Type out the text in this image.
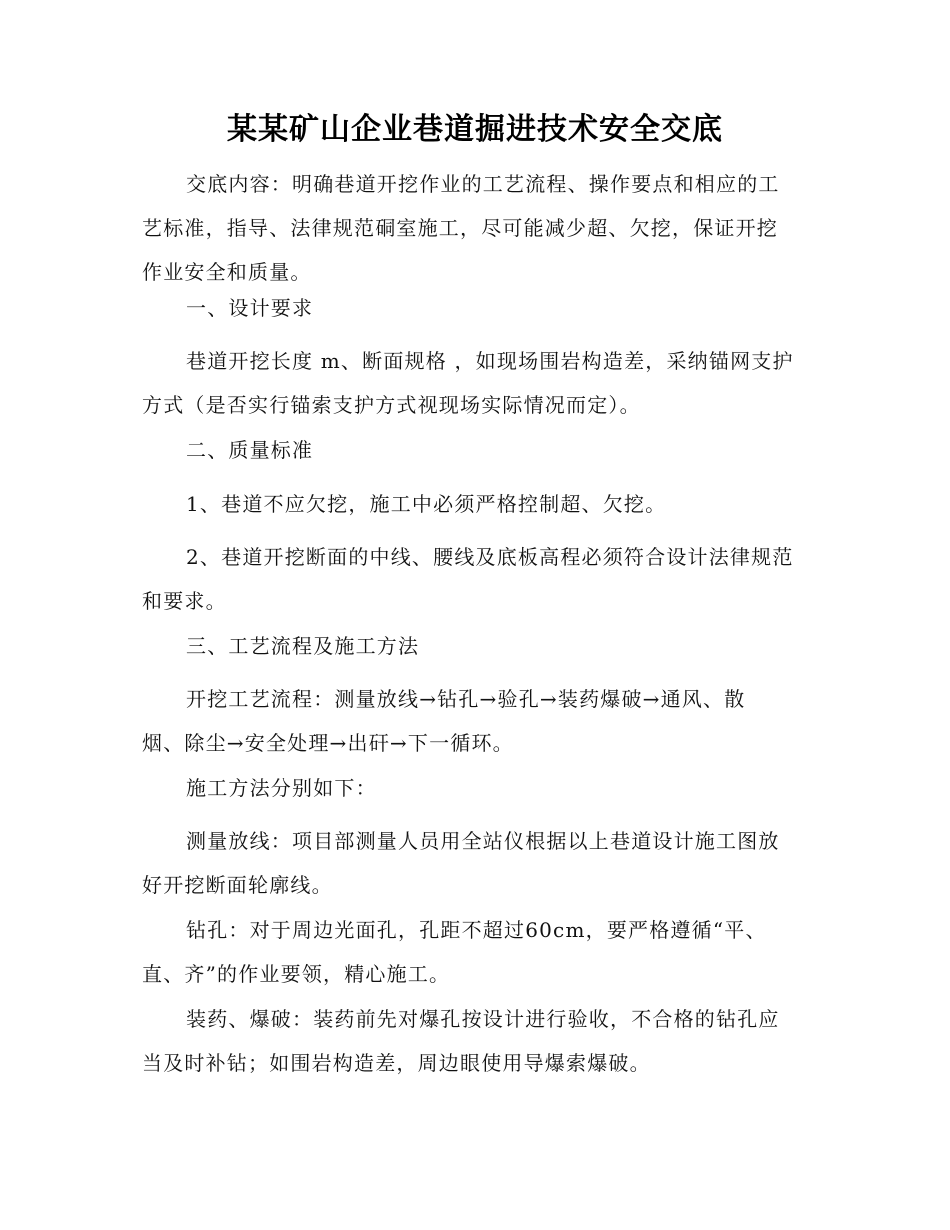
某某矿山企业巷道掘进技术安全交底
交底内容：明确巷道开挖作业的工艺流程、操作要点和相应的工
艺标准，指导、法律规范硐室施工，尽可能减少超、欠挖，保证开挖
作业安全和质量。
一、设计要求
巷道开挖长度 m、断面规格 ，如现场围岩构造差，采纳锚网支护
方式（是否实行锚索支护方式视现场实际情况而定）。
二、质量标准
1、巷道不应欠挖，施工中必须严格控制超、欠挖。
2、巷道开挖断面的中线、腰线及底板高程必须符合设计法律规范
和要求。
三、工艺流程及施工方法
开挖工艺流程：测量放线→钻孔→验孔→装药爆破→通风、散
烟、除尘→安全处理→出矸→下一循环。
施工方法分别如下：
测量放线：项目部测量人员用全站仪根据以上巷道设计施工图放
好开挖断面轮廓线。
钻孔：对于周边光面孔，孔距不超过60cm，要严格遵循“平、
直、齐”的作业要领，精心施工。
装药、爆破：装药前先对爆孔按设计进行验收，不合格的钻孔应
当及时补钻；如围岩构造差，周边眼使用导爆索爆破。
